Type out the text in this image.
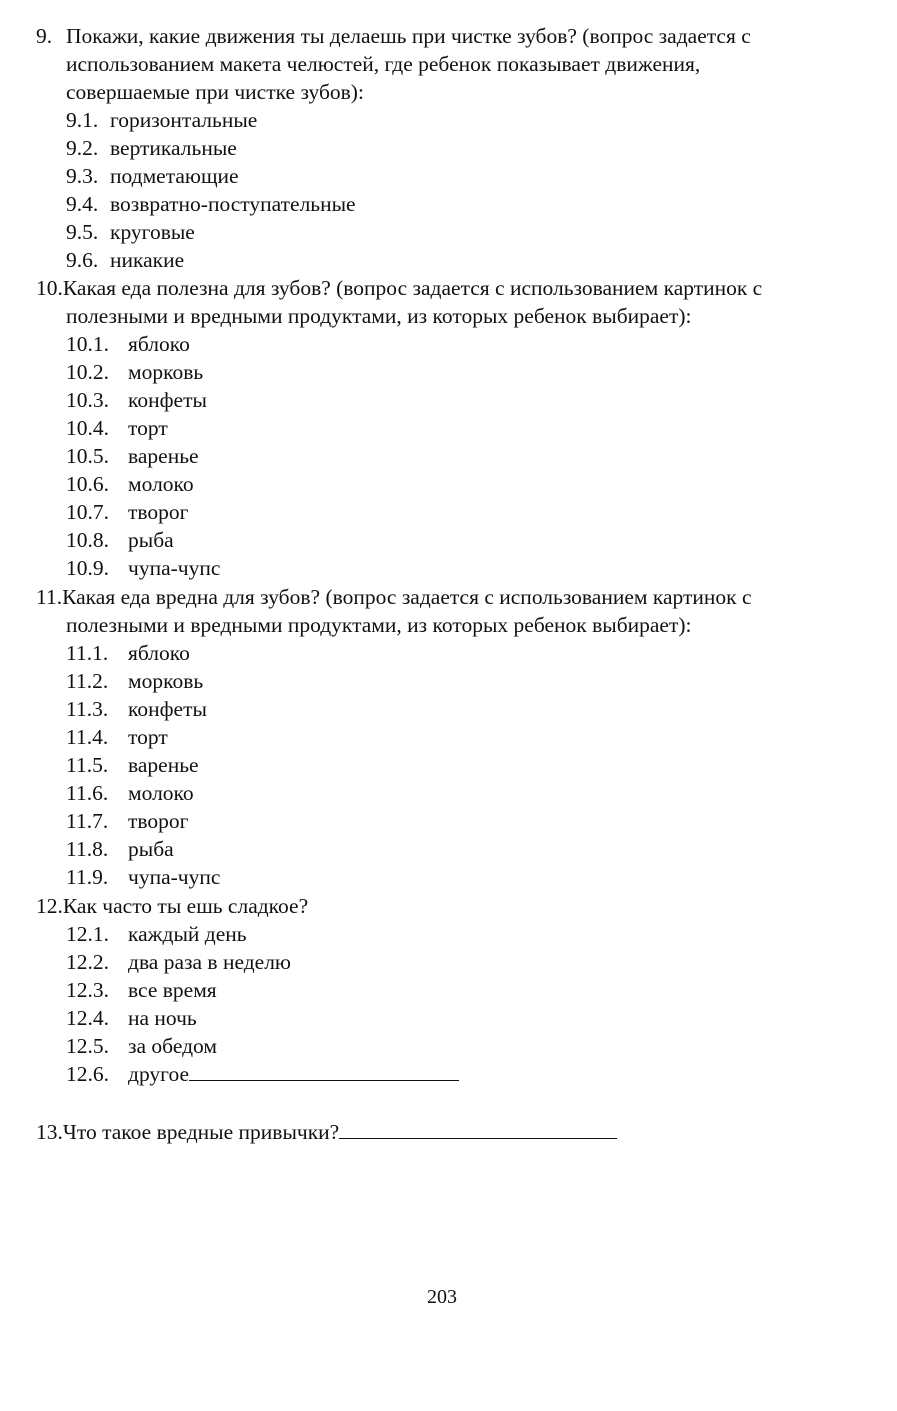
9. Покажи, какие движения ты делаешь при чистке зубов? (вопрос задается с
использованием макета челюстей, где ребенок показывает движения,
совершаемые при чистке зубов):
9.1. горизонтальные
9.2. вертикальные
9.3. подметающие
9.4. возвратно-поступательные
9.5. круговые
9.6. никакие
10.Какая еда полезна для зубов? (вопрос задается с использованием картинок с
полезными и вредными продуктами, из которых ребенок выбирает):
10.1. яблоко
10.2. морковь
10.3. конфеты
10.4. торт
10.5. варенье
10.6. молоко
10.7. творог
10.8. рыба
10.9. чупа-чупс
11.Какая еда вредна для зубов? (вопрос задается с использованием картинок с
полезными и вредными продуктами, из которых ребенок выбирает):
11.1. яблоко
11.2. морковь
11.3. конфеты
11.4. торт
11.5. варенье
11.6. молоко
11.7. творог
11.8. рыба
11.9. чупа-чупс
12.Как часто ты ешь сладкое?
12.1. каждый день
12.2. два раза в неделю
12.3. все время
12.4. на ночь
12.5. за обедом
12.6. другое
13.Что такое вредные привычки?
203
